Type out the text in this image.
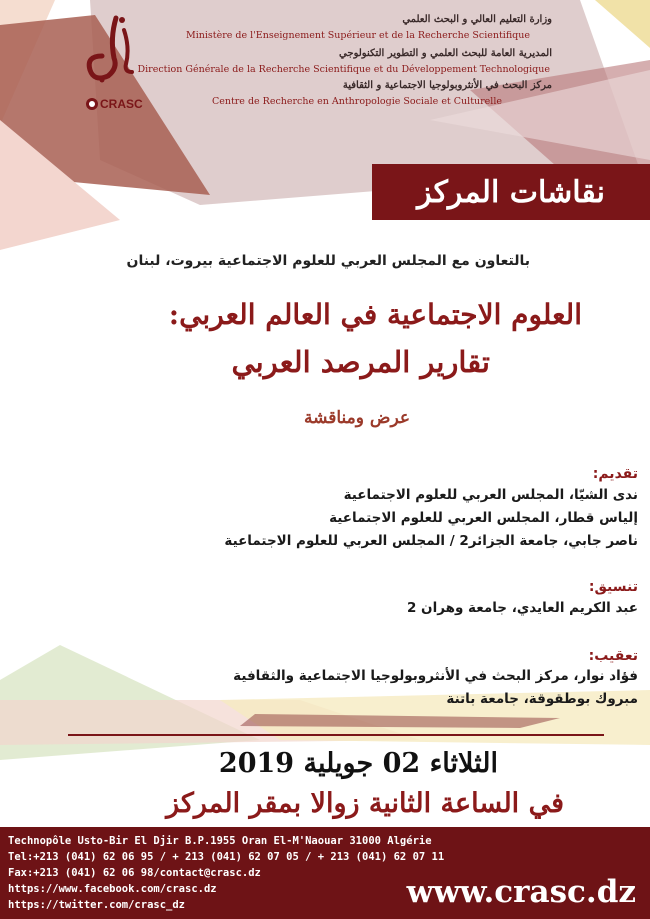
CRASC
وزارة التعليم العالي و البحث العلمي
Ministère de l'Enseignement Supérieur et de la Recherche Scientifique
المديرية العامة للبحث العلمي و التطوير التكنولوجي
Direction Générale de la Recherche Scientifique et du Développement Technologique
مركز البحث في الأنثروبولوجيا الاجتماعية و الثقافية
Centre de Recherche en Anthropologie Sociale et Culturelle
نقاشات المركز
بالتعاون مع المجلس العربي للعلوم الاجتماعية بيروت، لبنان
العلوم الاجتماعية في العالم العربي:
تقارير المرصد العربي
عرض ومناقشة
تقديم:
ندى الشيّا، المجلس العربي للعلوم الاجتماعية
إلياس قطار، المجلس العربي للعلوم الاجتماعية
ناصر جابي، جامعة الجزائر2 / المجلس العربي للعلوم الاجتماعية
تنسيق:
عبد الكريم العايدي، جامعة وهران 2
تعقيب:
فؤاد نوار، مركز البحث في الأنثروبولوجيا الاجتماعية والثقافية
مبروك بوطقوقة، جامعة باتنة
الثلاثاء 02 جويلية 2019
في الساعة الثانية زوالا بمقر المركز
Technopôle Usto-Bir El Djir B.P.1955 Oran El-M'Naouar 31000 Algérie
Tel:+213 (041) 62 06 95 / + 213 (041) 62 07 05 / + 213 (041) 62 07 11
Fax:+213 (041) 62 06 98/contact@crasc.dz
https://www.facebook.com/crasc.dz
https://twitter.com/crasc_dz	www.crasc.dz
